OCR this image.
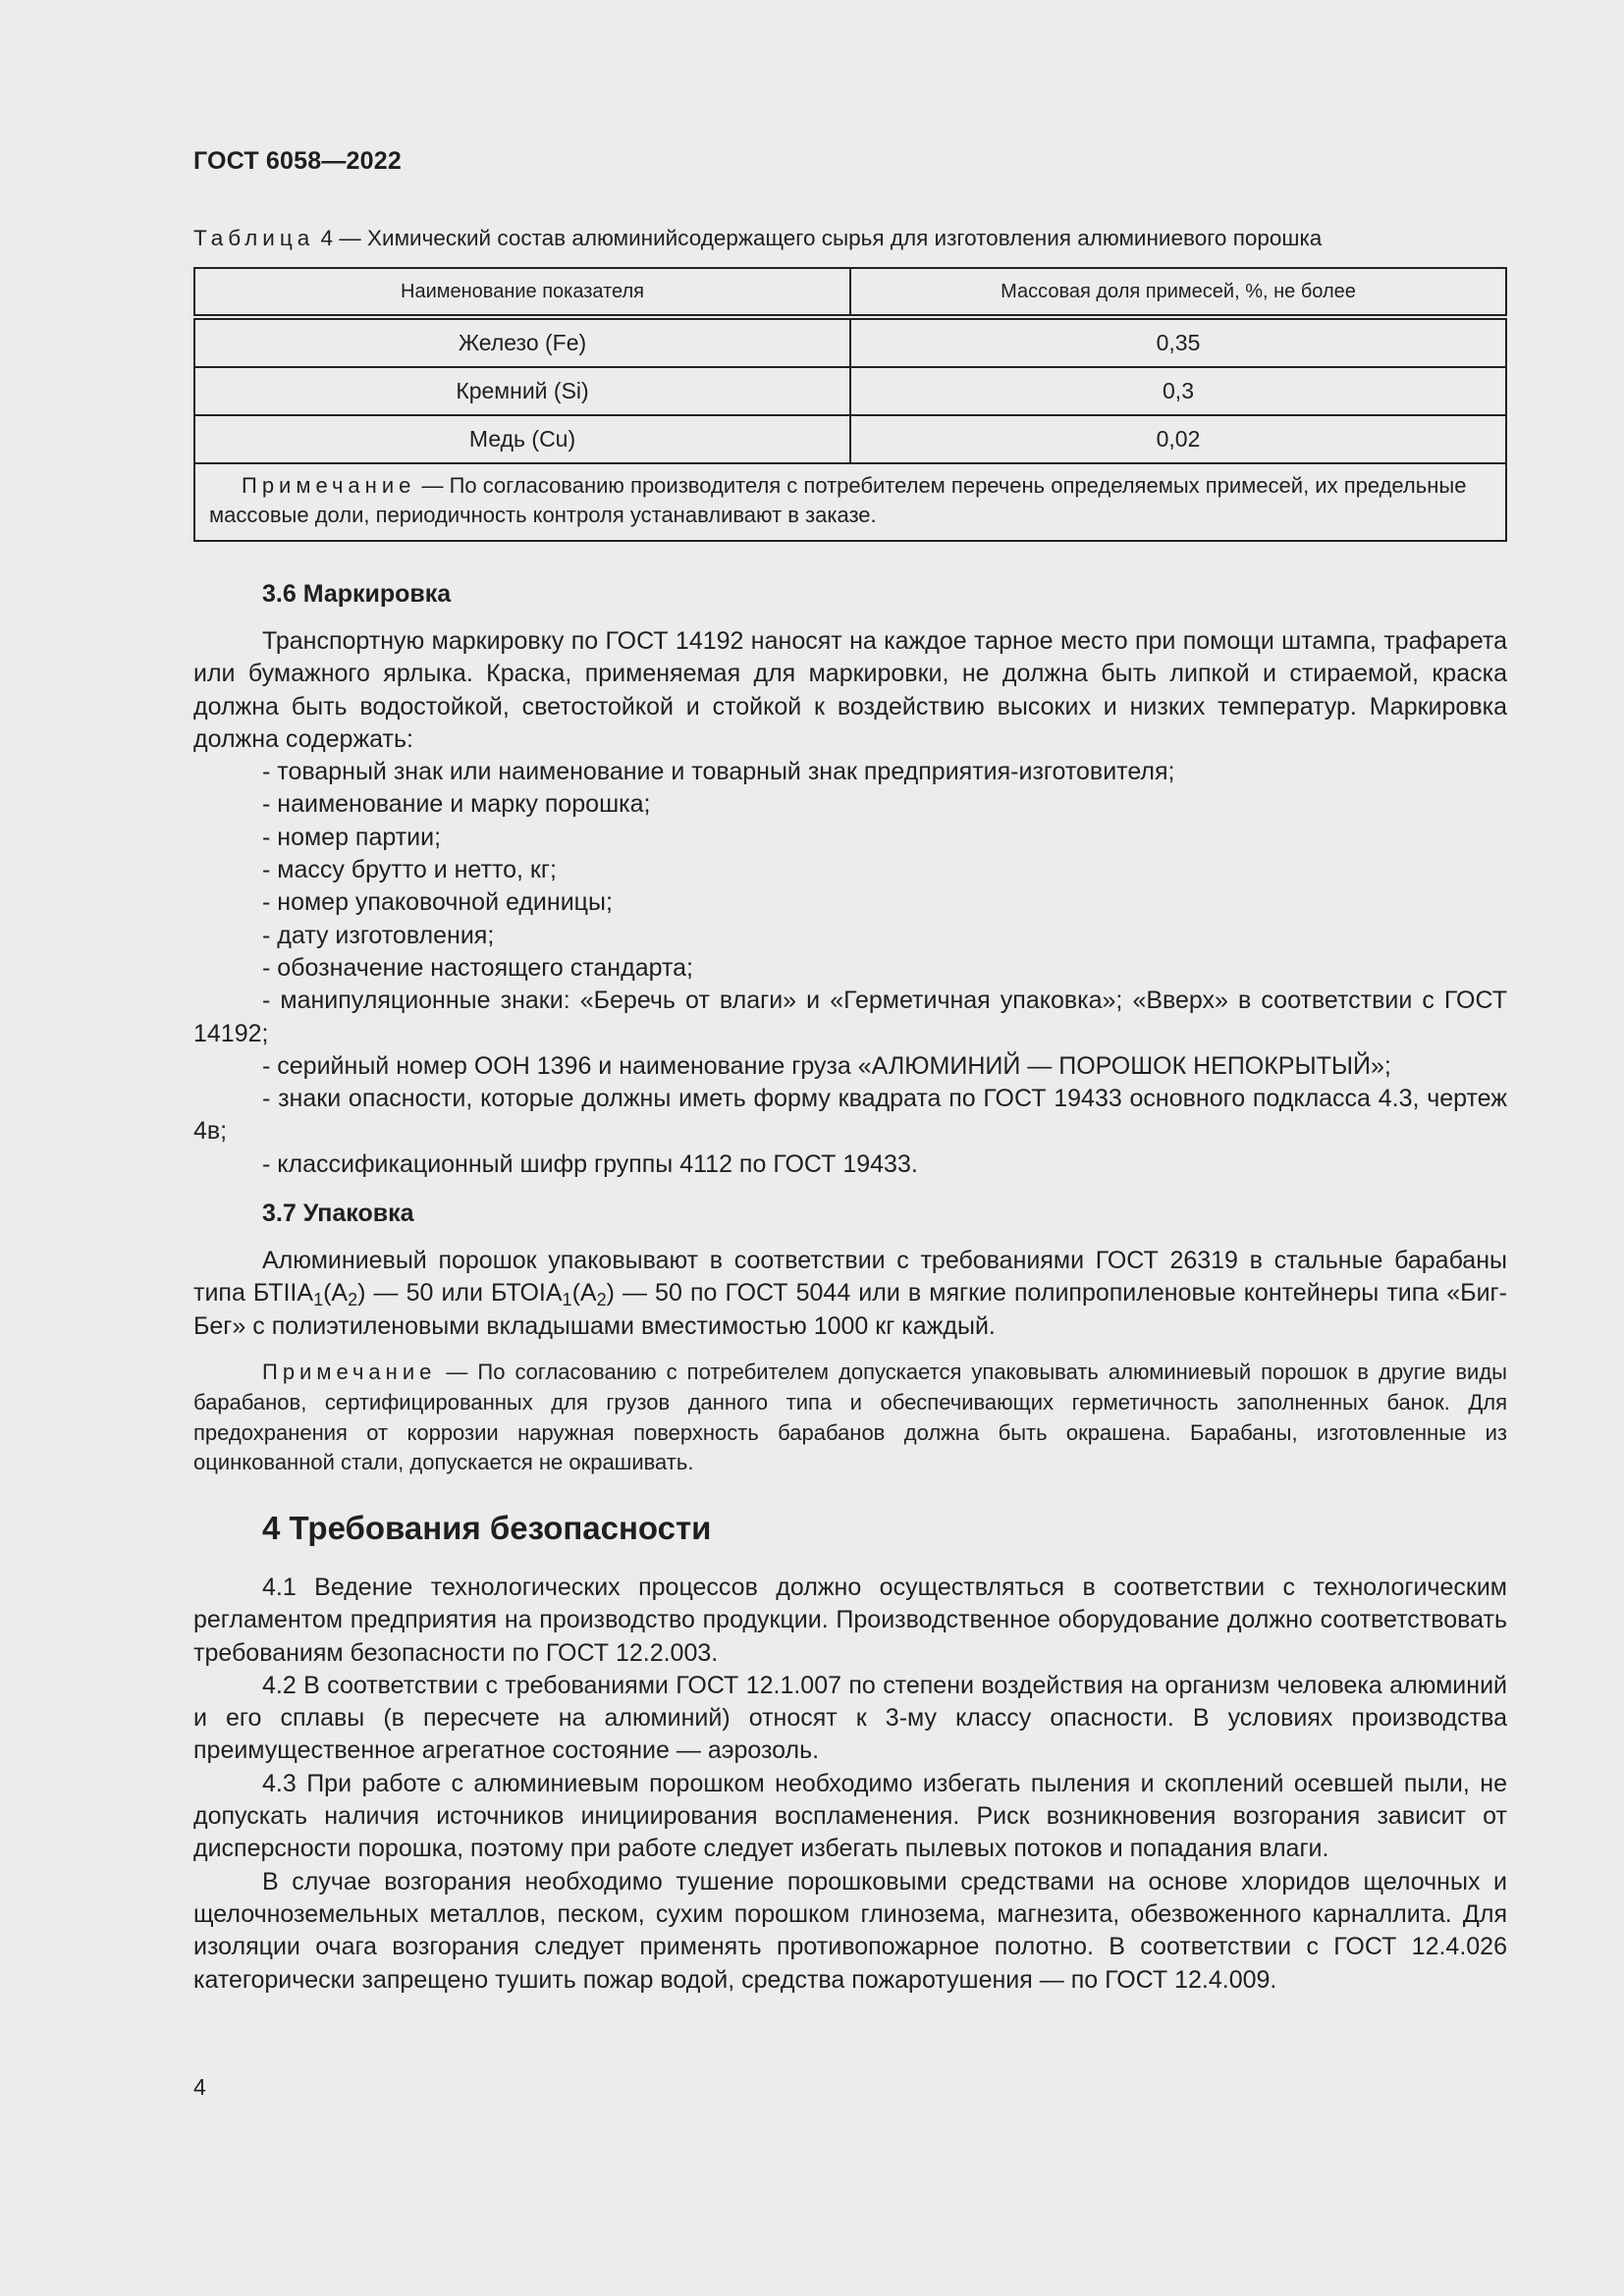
ГОСТ 6058—2022
Таблица 4 — Химический состав алюминийсодержащего сырья для изготовления алюминиевого порошка
Наименование показателя	Массовая доля примесей, %, не более
Железо (Fe)	0,35
Кремний (Si)	0,3
Медь (Cu)	0,02
Примечание — По согласованию производителя с потребителем перечень определяемых примесей, их предельные массовые доли, периодичность контроля устанавливают в заказе.	
3.6 Маркировка

Транспортную маркировку по ГОСТ 14192 наносят на каждое тарное место при помощи штампа, трафарета или бумажного ярлыка. Краска, применяемая для маркировки, не должна быть липкой и стираемой, краска должна быть водостойкой, светостойкой и стойкой к воздействию высоких и низких температур. Маркировка должна содержать:

- товарный знак или наименование и товарный знак предприятия-изготовителя;

- наименование и марку порошка;

- номер партии;

- массу брутто и нетто, кг;

- номер упаковочной единицы;

- дату изготовления;

- обозначение настоящего стандарта;

- манипуляционные знаки: «Беречь от влаги» и «Герметичная упаковка»; «Вверх» в соответствии с ГОСТ 14192;

- серийный номер ООН 1396 и наименование груза «АЛЮМИНИЙ — ПОРОШОК НЕПОКРЫТЫЙ»;

- знаки опасности, которые должны иметь форму квадрата по ГОСТ 19433 основного подкласса 4.3, чертеж 4в;

- классификационный шифр группы 4112 по ГОСТ 19433.

3.7 Упаковка

Алюминиевый порошок упаковывают в соответствии с требованиями ГОСТ 26319 в стальные барабаны типа $БТIIА_1(А_2)$ — 50 или $БТОIА_1(А_2)$ — 50 по ГОСТ 5044 или в мягкие полипропиленовые контейнеры типа «Биг-Бег» с полиэтиленовыми вкладышами вместимостью 1000 кг каждый.

Примечание — По согласованию с потребителем допускается упаковывать алюминиевый порошок в другие виды барабанов, сертифицированных для грузов данного типа и обеспечивающих герметичность заполненных банок. Для предохранения от коррозии наружная поверхность барабанов должна быть окрашена. Барабаны, изготовленные из оцинкованной стали, допускается не окрашивать.

4 Требования безопасности

4.1 Ведение технологических процессов должно осуществляться в соответствии с технологическим регламентом предприятия на производство продукции. Производственное оборудование должно соответствовать требованиям безопасности по ГОСТ 12.2.003.

4.2 В соответствии с требованиями ГОСТ 12.1.007 по степени воздействия на организм человека алюминий и его сплавы (в пересчете на алюминий) относят к 3-му классу опасности. В условиях производства преимущественное агрегатное состояние — аэрозоль.

4.3 При работе с алюминиевым порошком необходимо избегать пыления и скоплений осевшей пыли, не допускать наличия источников инициирования воспламенения. Риск возникновения возгорания зависит от дисперсности порошка, поэтому при работе следует избегать пылевых потоков и попадания влаги.

В случае возгорания необходимо тушение порошковыми средствами на основе хлоридов щелочных и щелочноземельных металлов, песком, сухим порошком глинозема, магнезита, обезвоженного карналлита. Для изоляции очага возгорания следует применять противопожарное полотно. В соответствии с ГОСТ 12.4.026 категорически запрещено тушить пожар водой, средства пожаротушения — по ГОСТ 12.4.009.

4
